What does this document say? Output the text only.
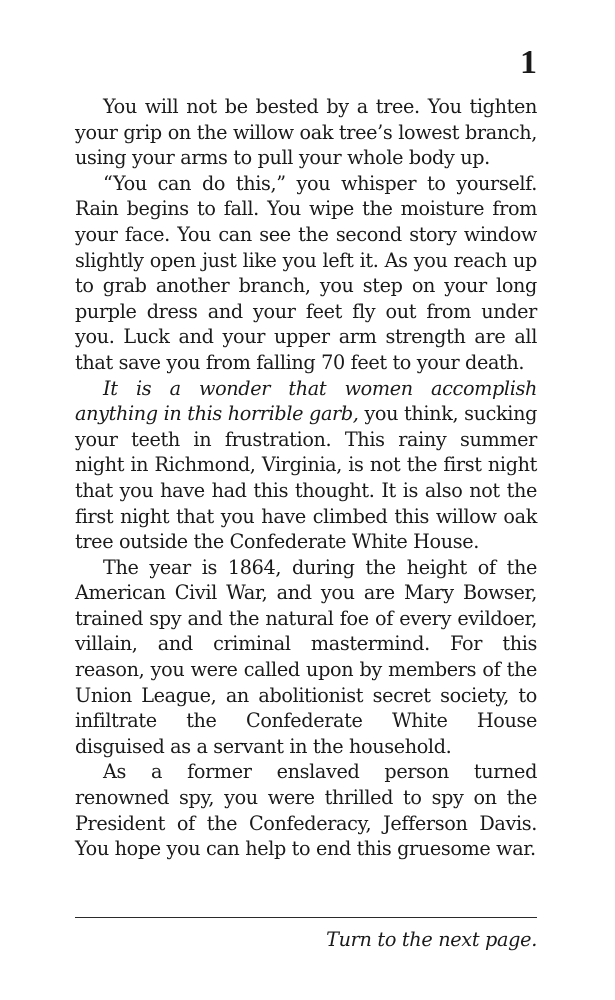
1

You will not be bested by a tree. You tighten your grip on the willow oak tree’s lowest branch, using your arms to pull your whole body up.

“You can do this,” you whisper to yourself. Rain begins to fall. You wipe the moisture from your face. You can see the second story window slightly open just like you left it. As you reach up to grab another branch, you step on your long purple dress and your feet fly out from under you. Luck and your upper arm strength are all that save you from falling 70 feet to your death.

It is a wonder that women accomplish anything in this horrible garb, you think, sucking your teeth in frustration. This rainy summer night in Richmond, Virginia, is not the first night that you have had this thought. It is also not the first night that you have climbed this willow oak tree outside the Confederate White House.

The year is 1864, during the height of the American Civil War, and you are Mary Bowser, trained spy and the natural foe of every evildoer, villain, and criminal mastermind. For this reason, you were called upon by members of the Union League, an abolitionist secret society, to infiltrate the Confederate White House disguised as a servant in the household.

As a former enslaved person turned renowned spy, you were thrilled to spy on the President of the Confederacy, Jefferson Davis. You hope you can help to end this gruesome war.

Turn to the next page.
